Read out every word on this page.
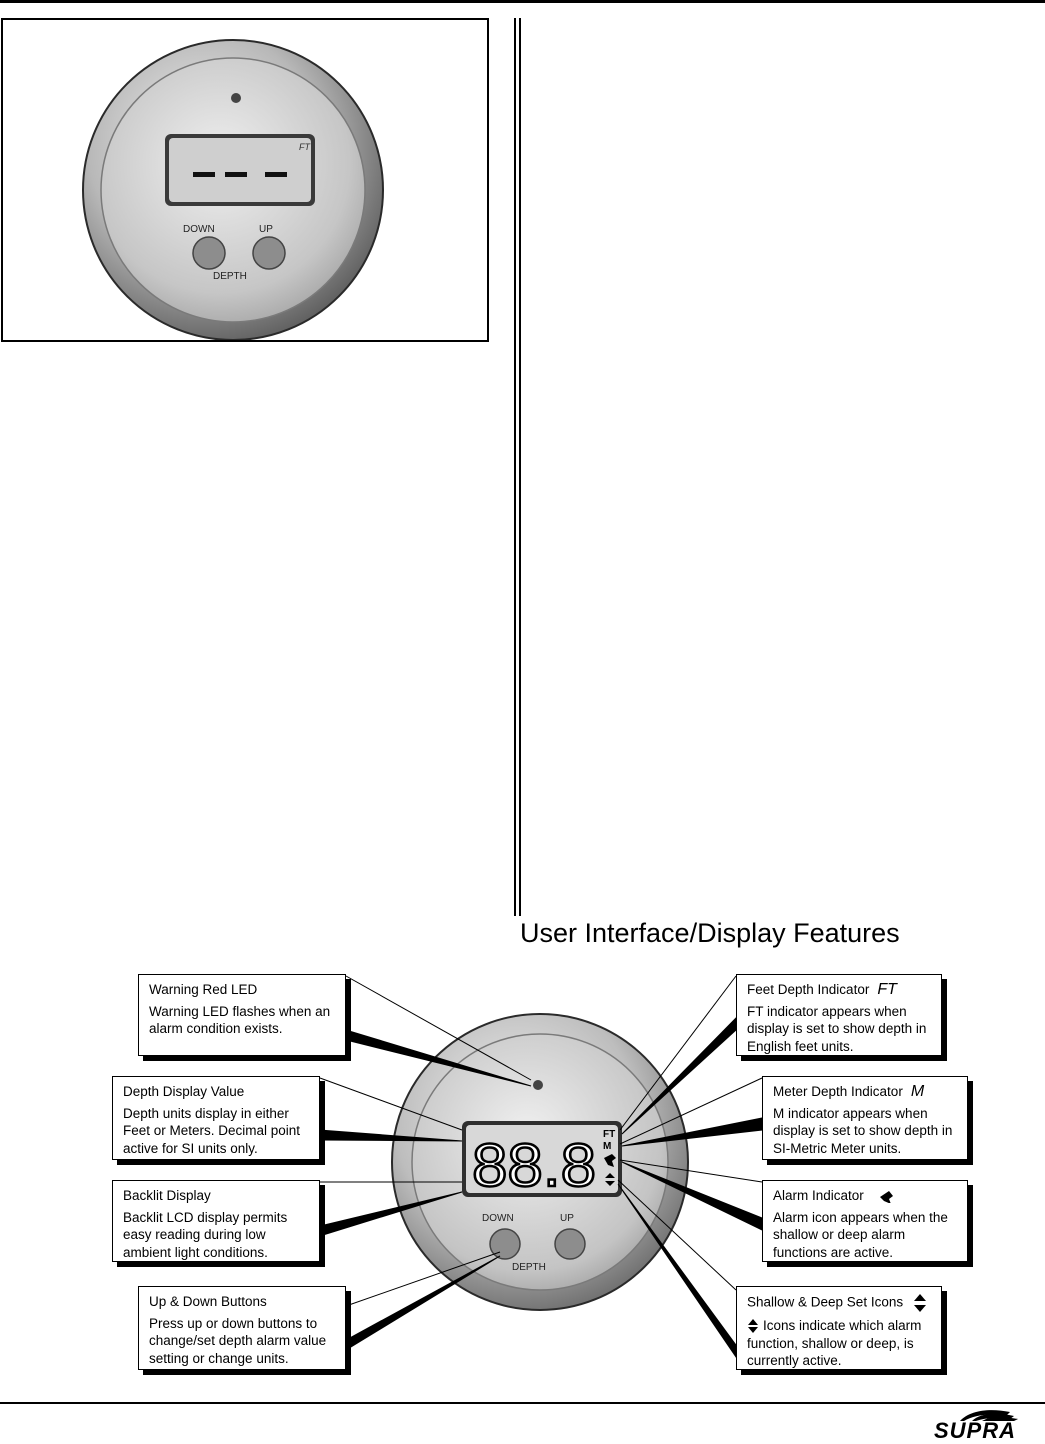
FT
DOWN	UP
DEPTH
User Interface/Display Features
88.8 FT
M
DOWN	UP
DEPTH
Warning Red LED
Warning LED flashes when an alarm condition exists.
Depth Display Value
Depth units display in either Feet or Meters. Decimal point active for SI units only.
Backlit Display
Backlit LCD display permits easy reading during low ambient light conditions.
Up & Down Buttons
Press up or down buttons to change/set depth alarm value setting or change units.
Feet Depth Indicator FT
FT indicator appears when display is set to show depth in English feet units.
Meter Depth Indicator M
M indicator appears when display is set to show depth in SI-Metric Meter units.
Alarm Indicator
Alarm icon appears when the shallow or deep alarm functions are active.
Shallow & Deep Set Icons
Icons indicate which alarm function, shallow or deep, is currently active.
SUPRA
